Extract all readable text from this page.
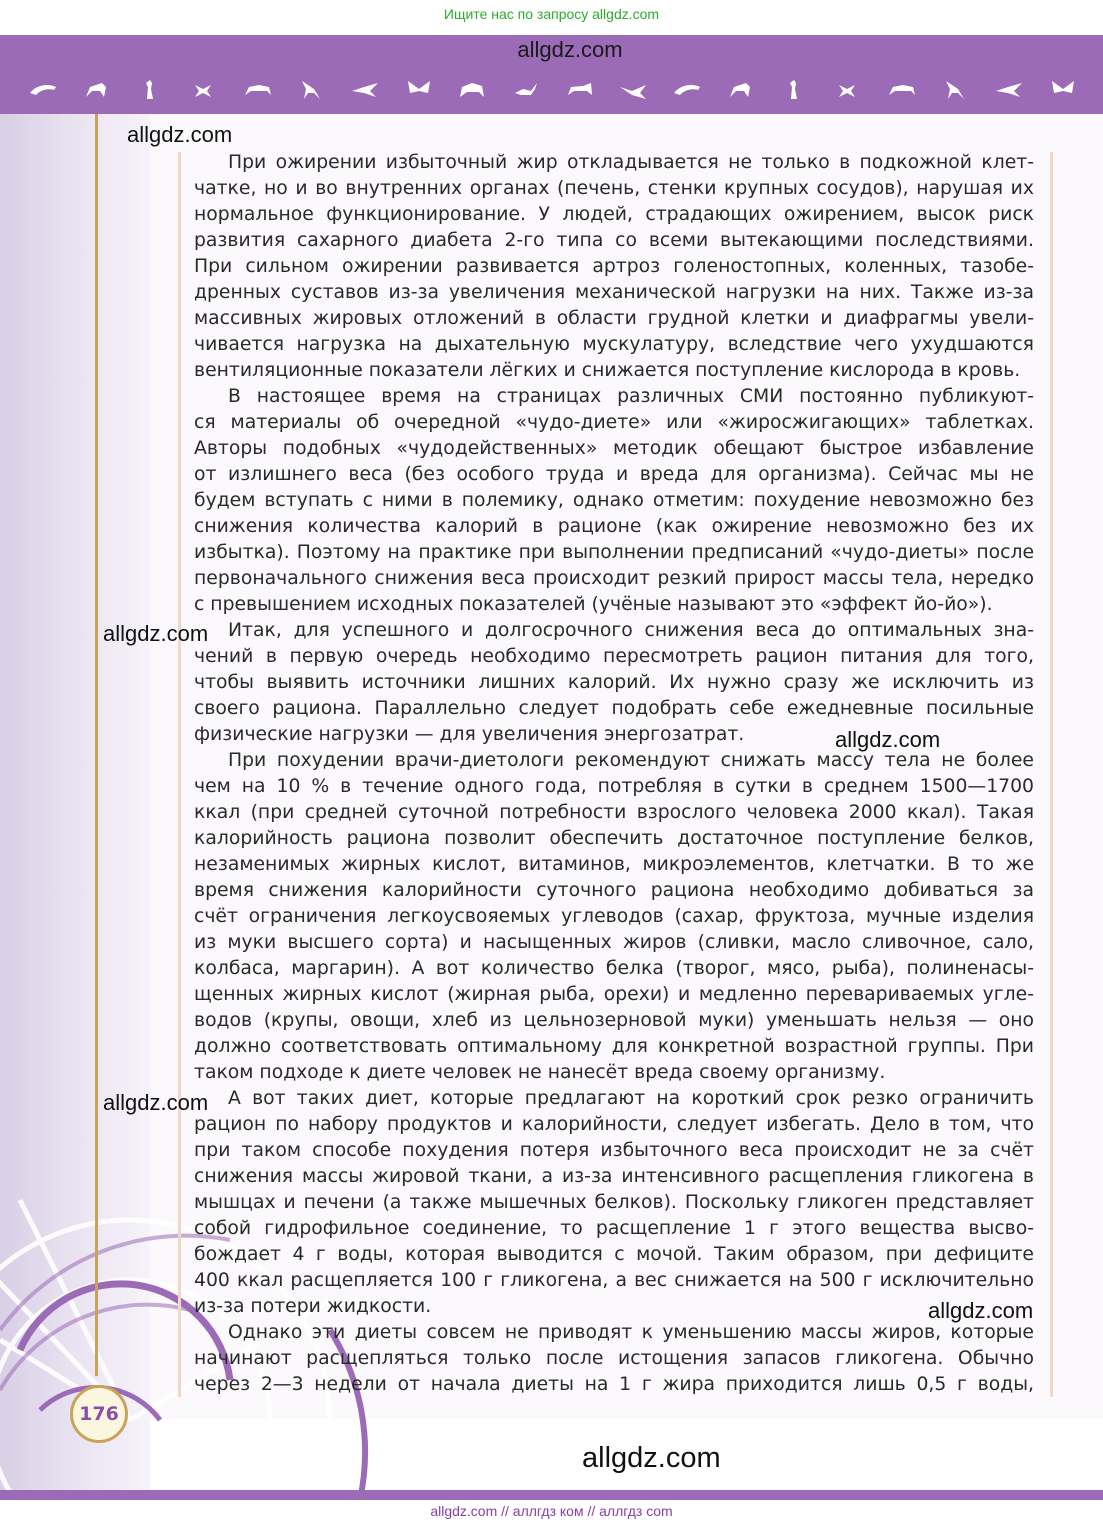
Ищите нас по запросу allgdz.com
allgdz.com
При ожирении избыточный жир откладывается не только в подкожной клет-
чатке, но и во внутренних органах (печень, стенки крупных сосудов), нарушая их
нормальное функционирование. У людей, страдающих ожирением, высок риск
развития сахарного диабета 2-го типа со всеми вытекающими последствиями.
При сильном ожирении развивается артроз голеностопных, коленных, тазобе-
дренных суставов из-за увеличения механической нагрузки на них. Также из-за
массивных жировых отложений в области грудной клетки и диафрагмы увели-
чивается нагрузка на дыхательную мускулатуру, вследствие чего ухудшаются
вентиляционные показатели лёгких и снижается поступление кислорода в кровь.
В настоящее время на страницах различных СМИ постоянно публикуют-
ся материалы об очередной «чудо-диете» или «жиросжигающих» таблетках.
Авторы подобных «чудодейственных» методик обещают быстрое избавление
от излишнего веса (без особого труда и вреда для организма). Сейчас мы не
будем вступать с ними в полемику, однако отметим: похудение невозможно без
снижения количества калорий в рационе (как ожирение невозможно без их
избытка). Поэтому на практике при выполнении предписаний «чудо-диеты» после
первоначального снижения веса происходит резкий прирост массы тела, нередко
с превышением исходных показателей (учёные называют это «эффект йо-йо»).
Итак, для успешного и долгосрочного снижения веса до оптимальных зна-
чений в первую очередь необходимо пересмотреть рацион питания для того,
чтобы выявить источники лишних калорий. Их нужно сразу же исключить из
своего рациона. Параллельно следует подобрать себе ежедневные посильные
физические нагрузки — для увеличения энергозатрат.
При похудении врачи-диетологи рекомендуют снижать массу тела не более
чем на 10 % в течение одного года, потребляя в сутки в среднем 1500—1700
ккал (при средней суточной потребности взрослого человека 2000 ккал). Такая
калорийность рациона позволит обеспечить достаточное поступление белков,
незаменимых жирных кислот, витаминов, микроэлементов, клетчатки. В то же
время снижения калорийности суточного рациона необходимо добиваться за
счёт ограничения легкоусвояемых углеводов (сахар, фруктоза, мучные изделия
из муки высшего сорта) и насыщенных жиров (сливки, масло сливочное, сало,
колбаса, маргарин). А вот количество белка (творог, мясо, рыба), полиненасы-
щенных жирных кислот (жирная рыба, орехи) и медленно перевариваемых угле-
водов (крупы, овощи, хлеб из цельнозерновой муки) уменьшать нельзя — оно
должно соответствовать оптимальному для конкретной возрастной группы. При
таком подходе к диете человек не нанесёт вреда своему организму.
А вот таких диет, которые предлагают на короткий срок резко ограничить
рацион по набору продуктов и калорийности, следует избегать. Дело в том, что
при таком способе похудения потеря избыточного веса происходит не за счёт
снижения массы жировой ткани, а из-за интенсивного расщепления гликогена в
мышцах и печени (а также мышечных белков). Поскольку гликоген представляет
собой гидрофильное соединение, то расщепление 1 г этого вещества высво-
бождает 4 г воды, которая выводится с мочой. Таким образом, при дефиците
400 ккал расщепляется 100 г гликогена, а вес снижается на 500 г исключительно
из-за потери жидкости.
Однако эти диеты совсем не приводят к уменьшению массы жиров, которые
начинают расщепляться только после истощения запасов гликогена. Обычно
через 2—3 недели от начала диеты на 1 г жира приходится лишь 0,5 г воды,
allgdz.com
allgdz.com
allgdz.com
allgdz.com
allgdz.com
allgdz.com
176
allgdz.com // аллгдз ком // аллгдз com
